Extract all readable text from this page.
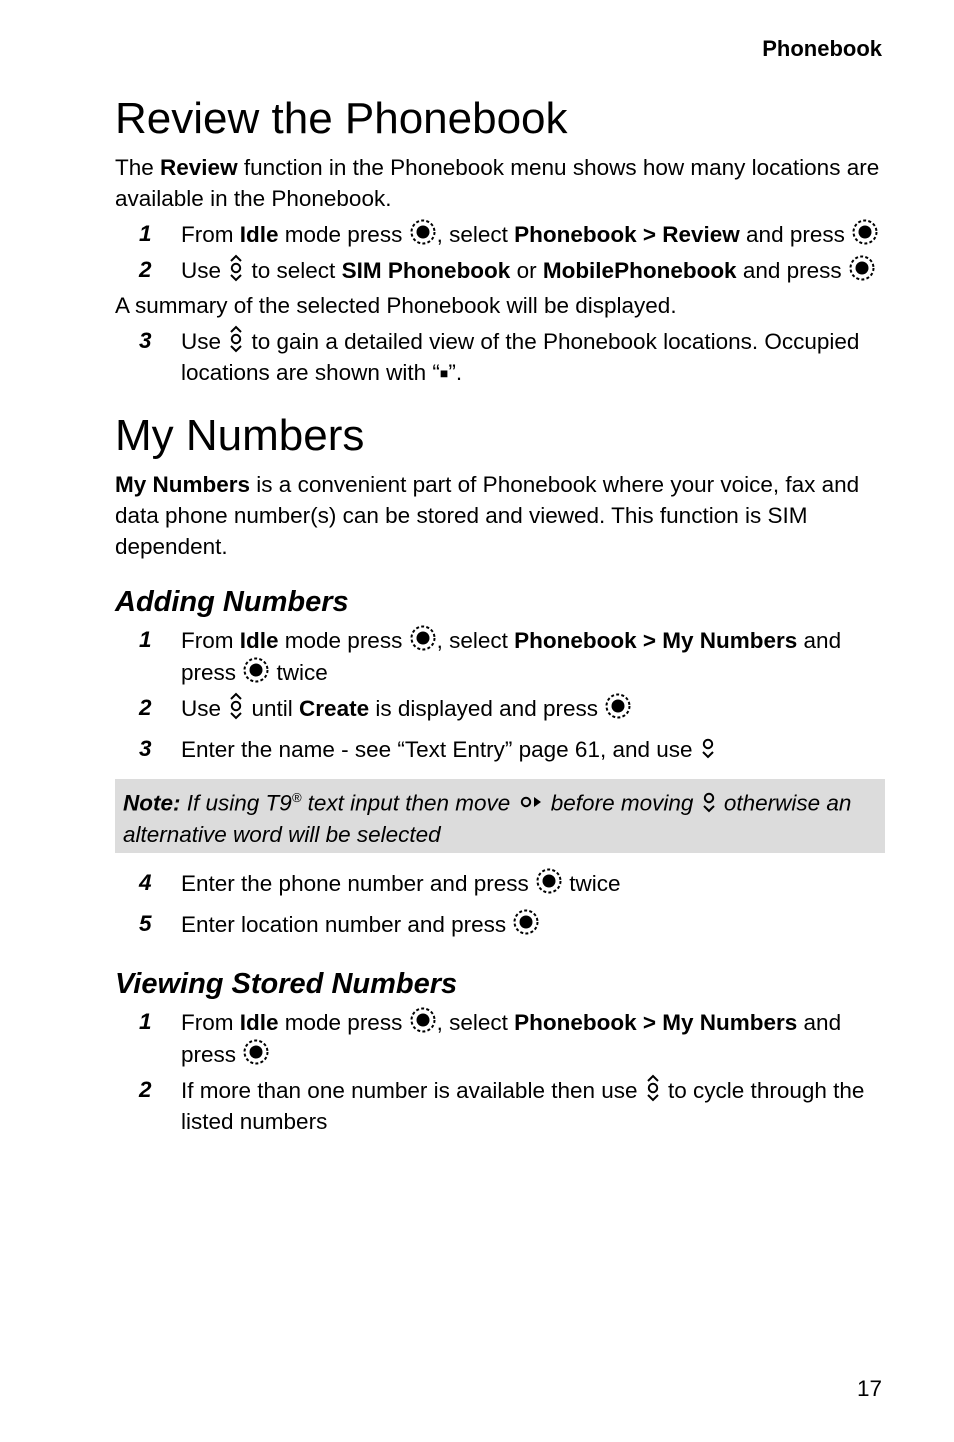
Phonebook
Review the Phonebook

The Review function in the Phonebook menu shows how many locations are available in the Phonebook.

1 From Idle mode press , select Phonebook > Review and press
2 Use  to select SIM Phonebook or MobilePhonebook and press

A summary of the selected Phonebook will be displayed.

3 Use  to gain a detailed view of the Phonebook locations. Occupied locations are shown with “■”.
My Numbers

My Numbers is a convenient part of Phonebook where your voice, fax and data phone number(s) can be stored and viewed. This function is SIM dependent.

Adding Numbers
1 From Idle mode press , select Phonebook > My Numbers and press  twice
2 Use  until Create is displayed and press
3 Enter the name - see “Text Entry” page 61, and use
Note: If using T9® text input then move  before moving  otherwise an alternative word will be selected
4 Enter the phone number and press  twice
5 Enter location number and press
Viewing Stored Numbers
1 From Idle mode press , select Phonebook > My Numbers and press
2 If more than one number is available then use  to cycle through the listed numbers
17
